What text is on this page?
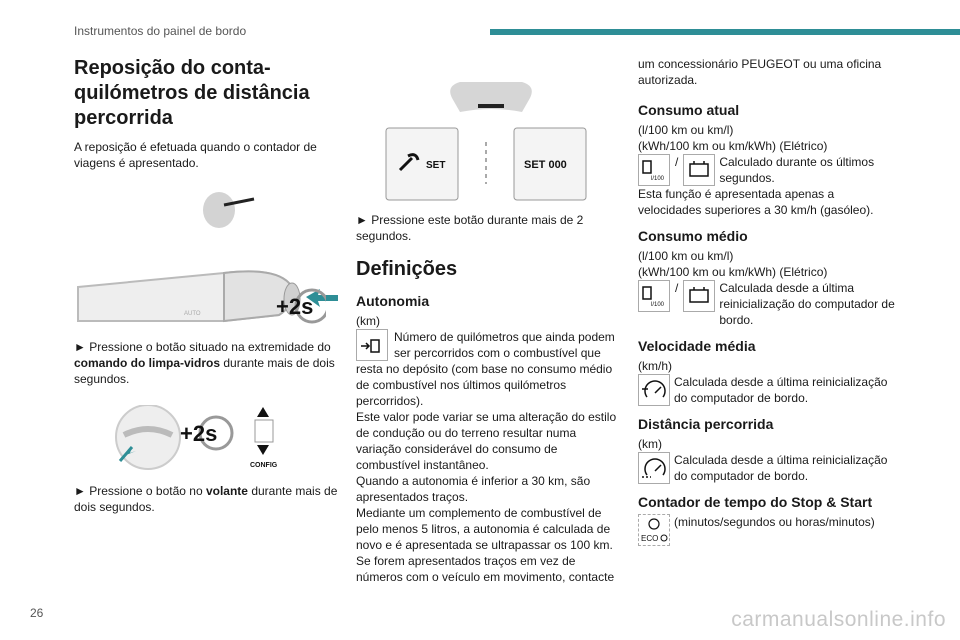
Instrumentos do painel de bordo
Reposição do conta-quilómetros de distância percorrida

A reposição é efetuada quando o contador de viagens é apresentado.

AUTO	+2s

► Pressione o botão situado na extremidade do comando do limpa-vidros durante mais de dois segundos.

+2s
CONFIG

► Pressione o botão no volante durante mais de dois segundos.

SET	SET 000

► Pressione este botão durante mais de 2 segundos.

Definições
Autonomia
(km)

Número de quilómetros que ainda podem ser percorridos com o combustível que resta no depósito (com base no consumo médio de combustível nos últimos quilómetros percorridos).

Este valor pode variar se uma alteração do estilo de condução ou do terreno resultar numa variação considerável do consumo de combustível instantâneo.

Quando a autonomia é inferior a 30 km, são apresentados traços.

Mediante um complemento de combustível de pelo menos 5 litros, a autonomia é calculada de novo e é apresentada se ultrapassar os 100 km.

Se forem apresentados traços em vez de números com o veículo em movimento, contacte

um concessionário PEUGEOT ou uma oficina autorizada.

Consumo atual
(l/100 km ou km/l)
(kWh/100 km ou km/kWh) (Elétrico)
l/100
/	Calculado durante os últimos segundos.

Esta função é apresentada apenas a velocidades superiores a 30 km/h (gasóleo).

Consumo médio
(l/100 km ou km/l)
(kWh/100 km ou km/kWh) (Elétrico)
l/100
/	Calculada desde a última reinicialização do computador de bordo.
Velocidade média
(km/h)
Calculada desde a última reinicialização do computador de bordo.
Distância percorrida
(km)
Calculada desde a última reinicialização do computador de bordo.
Contador de tempo do Stop & Start
ECO
(minutos/segundos ou horas/minutos)
26	carmanualsonline.info
